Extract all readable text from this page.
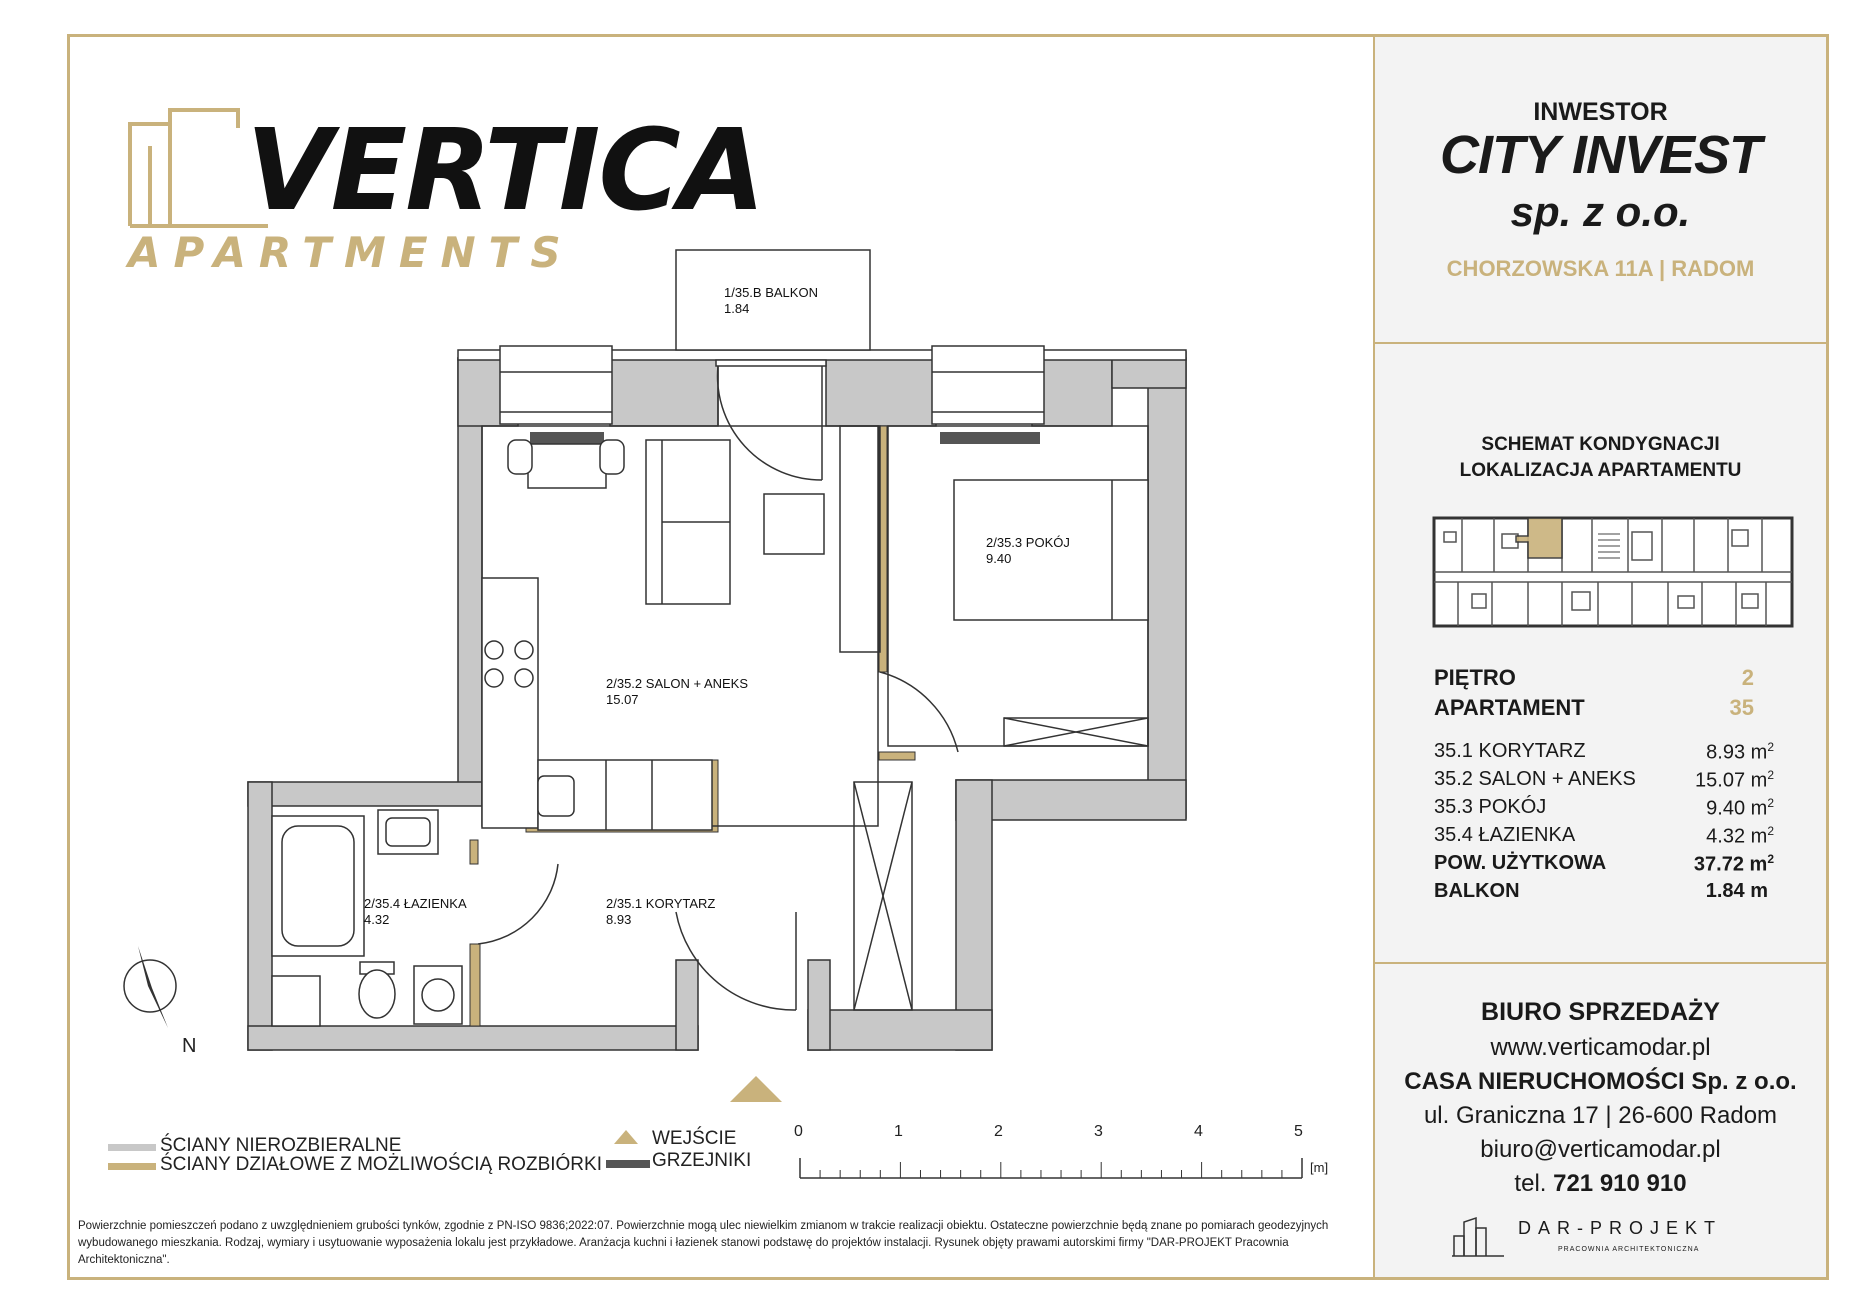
VERTICA
APARTMENTS
INWESTOR
CITY INVEST
sp. z o.o.
CHORZOWSKA 11A | RADOM
SCHEMAT KONDYGNACJI
LOKALIZACJA APARTAMENTU
PIĘTRO	2
APARTAMENT	35
35.1 KORYTARZ	8.93 $m^2$
35.2 SALON + ANEKS	15.07 $m^2$
35.3 POKÓJ	9.40 $m^2$
35.4 ŁAZIENKA	4.32 $m^2$
POW. UŻYTKOWA	37.72 $m^2$
BALKON	1.84 m
BIURO SPRZEDAŻY
www.verticamodar.pl
CASA NIERUCHOMOŚCI Sp. z o.o.
ul. Graniczna 17 | 26-600 Radom
biuro@verticamodar.pl
tel. 721 910 910
DAR-PROJEKT
PRACOWNIA ARCHITEKTONICZNA
1/35.B BALKON
1.84
2/35.3 POKÓJ
9.40
2/35.2 SALON + ANEKS
15.07
2/35.4 ŁAZIENKA
4.32
2/35.1 KORYTARZ
8.93
N
0	1	2	3	4	5
[m]
ŚCIANY NIEROZBIERALNE
ŚCIANY DZIAŁOWE Z MOŻLIWOŚCIĄ ROZBIÓRKI
WEJŚCIE
GRZEJNIKI
Powierzchnie pomieszczeń podano z uwzględnieniem grubości tynków, zgodnie z PN-ISO 9836;2022:07. Powierzchnie mogą ulec niewielkim zmianom w trakcie realizacji obiektu. Ostateczne powierzchnie będą znane po pomiarach geodezyjnych wybudowanego mieszkania. Rodzaj, wymiary i usytuowanie wyposażenia lokalu jest przykładowe. Aranżacja kuchni i łazienek stanowi podstawę do projektów instalacji. Rysunek objęty prawami autorskimi firmy "DAR-PROJEKT Pracownia Architektoniczna".
